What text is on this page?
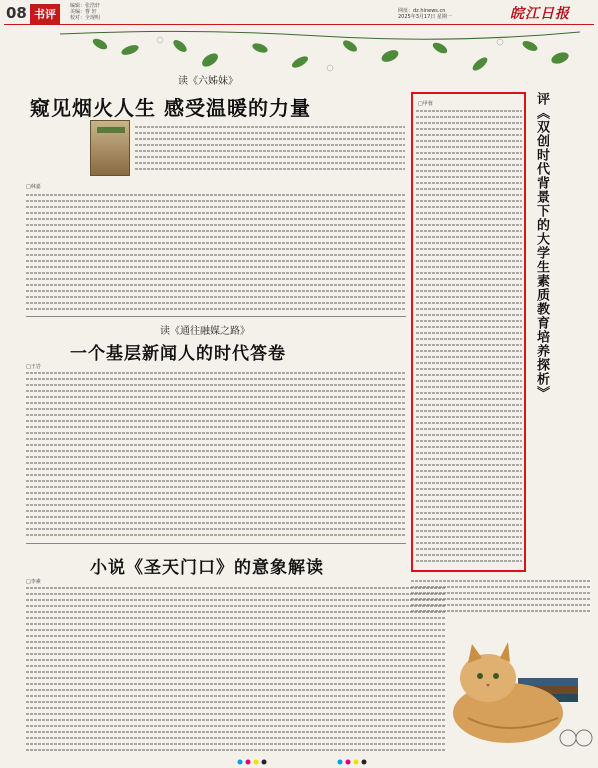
08 书评
编辑：张浩轩
美编：曹 轩
校对：全现明
网址：dz.hinews.cn
2025年3月17日 星期一	皖江日报
读《六姊妹》
窥见烟火人生 感受温暖的力量
□林嘉
读《通往融媒之路》
一个基层新闻人的时代答卷
□王岩
小说《圣天门口》的意象解读
□李素
□甲蓉	评《双创时代背景下的大学生素质教育培养探析》
